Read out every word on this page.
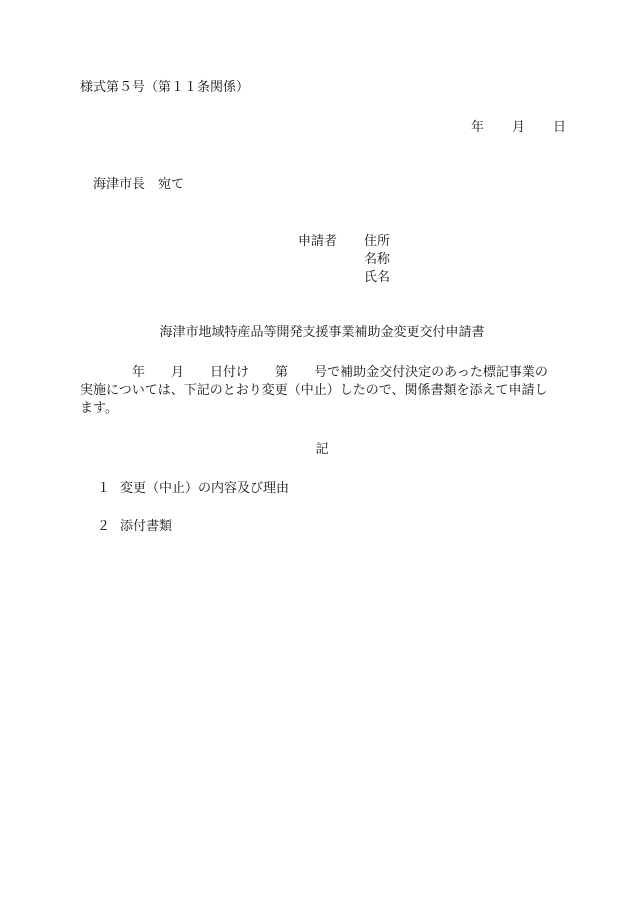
様式第５号（第１１条関係）
年 月 日
海津市長　宛て
申請者 住所
名称
氏名
海津市地域特産品等開発支援事業補助金変更交付申請書
年 月 日付け 第 号で補助金交付決定のあった標記事業の
実施については、下記のとおり変更（中止）したので、関係書類を添えて申請し
ます。
記
１ 変更（中止）の内容及び理由
２ 添付書類
